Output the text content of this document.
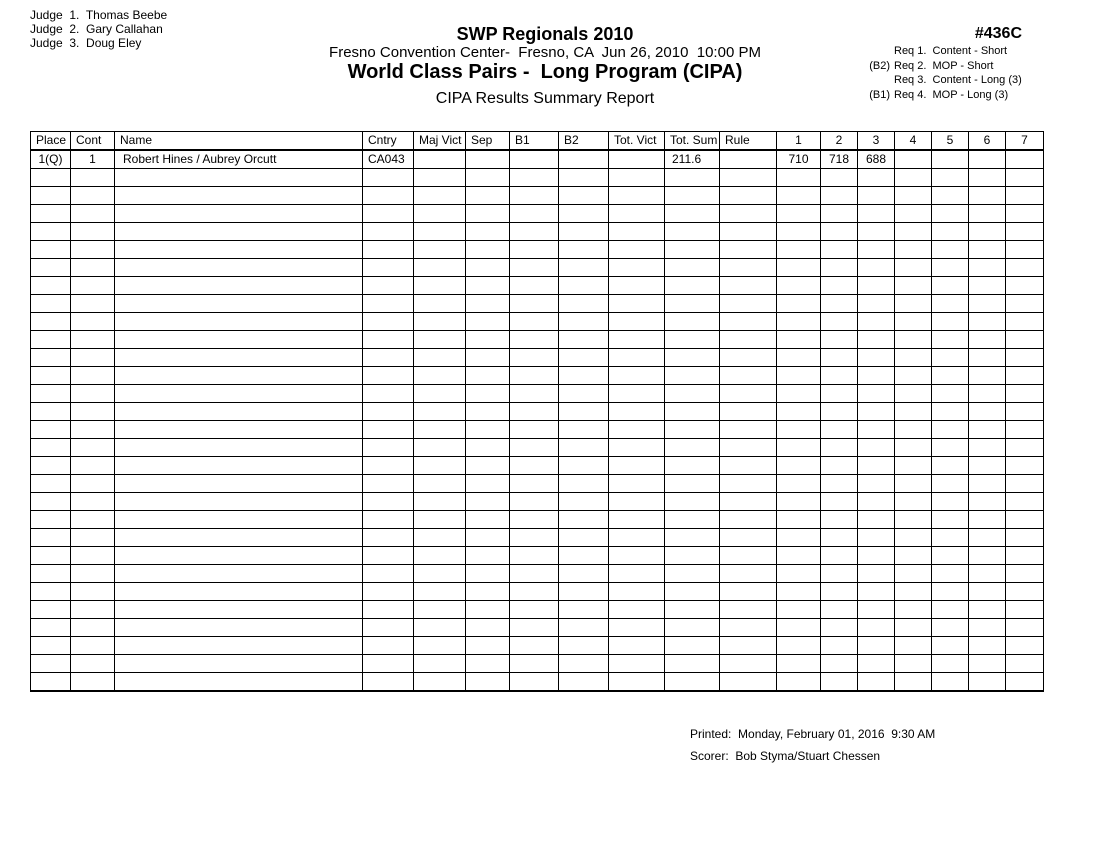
Judge  1.  Thomas Beebe
Judge  2.  Gary Callahan
Judge  3.  Doug Eley	SWP Regionals 2010
Fresno Convention Center-  Fresno, CA  Jun 26, 2010  10:00 PM
World Class Pairs -  Long Program (CIPA)
CIPA Results Summary Report
#436C
Req 1.  Content - Short
(B2) Req 2.  MOP - Short
Req 3.  Content - Long (3)
(B1) Req 4.  MOP - Long (3)
Place	Cont	Name	Cntry	Maj Vict	Sep	B1	B2	Tot. Vict	Tot. Sum	Rule	1	2	3	4	5	6	7
1(Q)	1	Robert Hines / Aubrey Orcutt	CA043						211.6		710	718	688				

Printed:  Monday, February 01, 2016  9:30 AM
Scorer:  Bob Styma/Stuart Chessen
